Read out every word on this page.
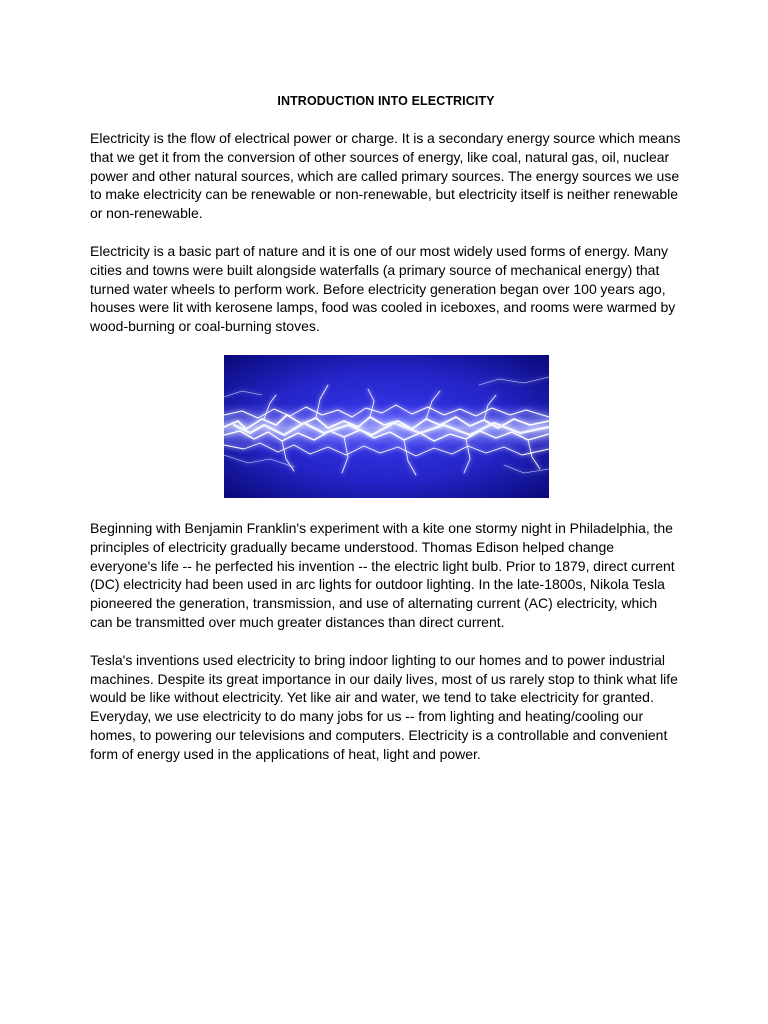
INTRODUCTION INTO ELECTRICITY

Electricity is the flow of electrical power or charge. It is a secondary energy source which means that we get it from the conversion of other sources of energy, like coal, natural gas, oil, nuclear power and other natural sources, which are called primary sources. The energy sources we use to make electricity can be renewable or non-renewable, but electricity itself is neither renewable or non-renewable.

Electricity is a basic part of nature and it is one of our most widely used forms of energy. Many cities and towns were built alongside waterfalls (a primary source of mechanical energy) that turned water wheels to perform work. Before electricity generation began over 100 years ago, houses were lit with kerosene lamps, food was cooled in iceboxes, and rooms were warmed by wood-burning or coal-burning stoves.

Beginning with Benjamin Franklin's experiment with a kite one stormy night in Philadelphia, the principles of electricity gradually became understood. Thomas Edison helped change everyone's life -- he perfected his invention -- the electric light bulb. Prior to 1879, direct current (DC) electricity had been used in arc lights for outdoor lighting. In the late-1800s, Nikola Tesla pioneered the generation, transmission, and use of alternating current (AC) electricity, which can be transmitted over much greater distances than direct current.

Tesla's inventions used electricity to bring indoor lighting to our homes and to power industrial machines. Despite its great importance in our daily lives, most of us rarely stop to think what life would be like without electricity. Yet like air and water, we tend to take electricity for granted. Everyday, we use electricity to do many jobs for us -- from lighting and heating/cooling our homes, to powering our televisions and computers. Electricity is a controllable and convenient form of energy used in the applications of heat, light and power.
